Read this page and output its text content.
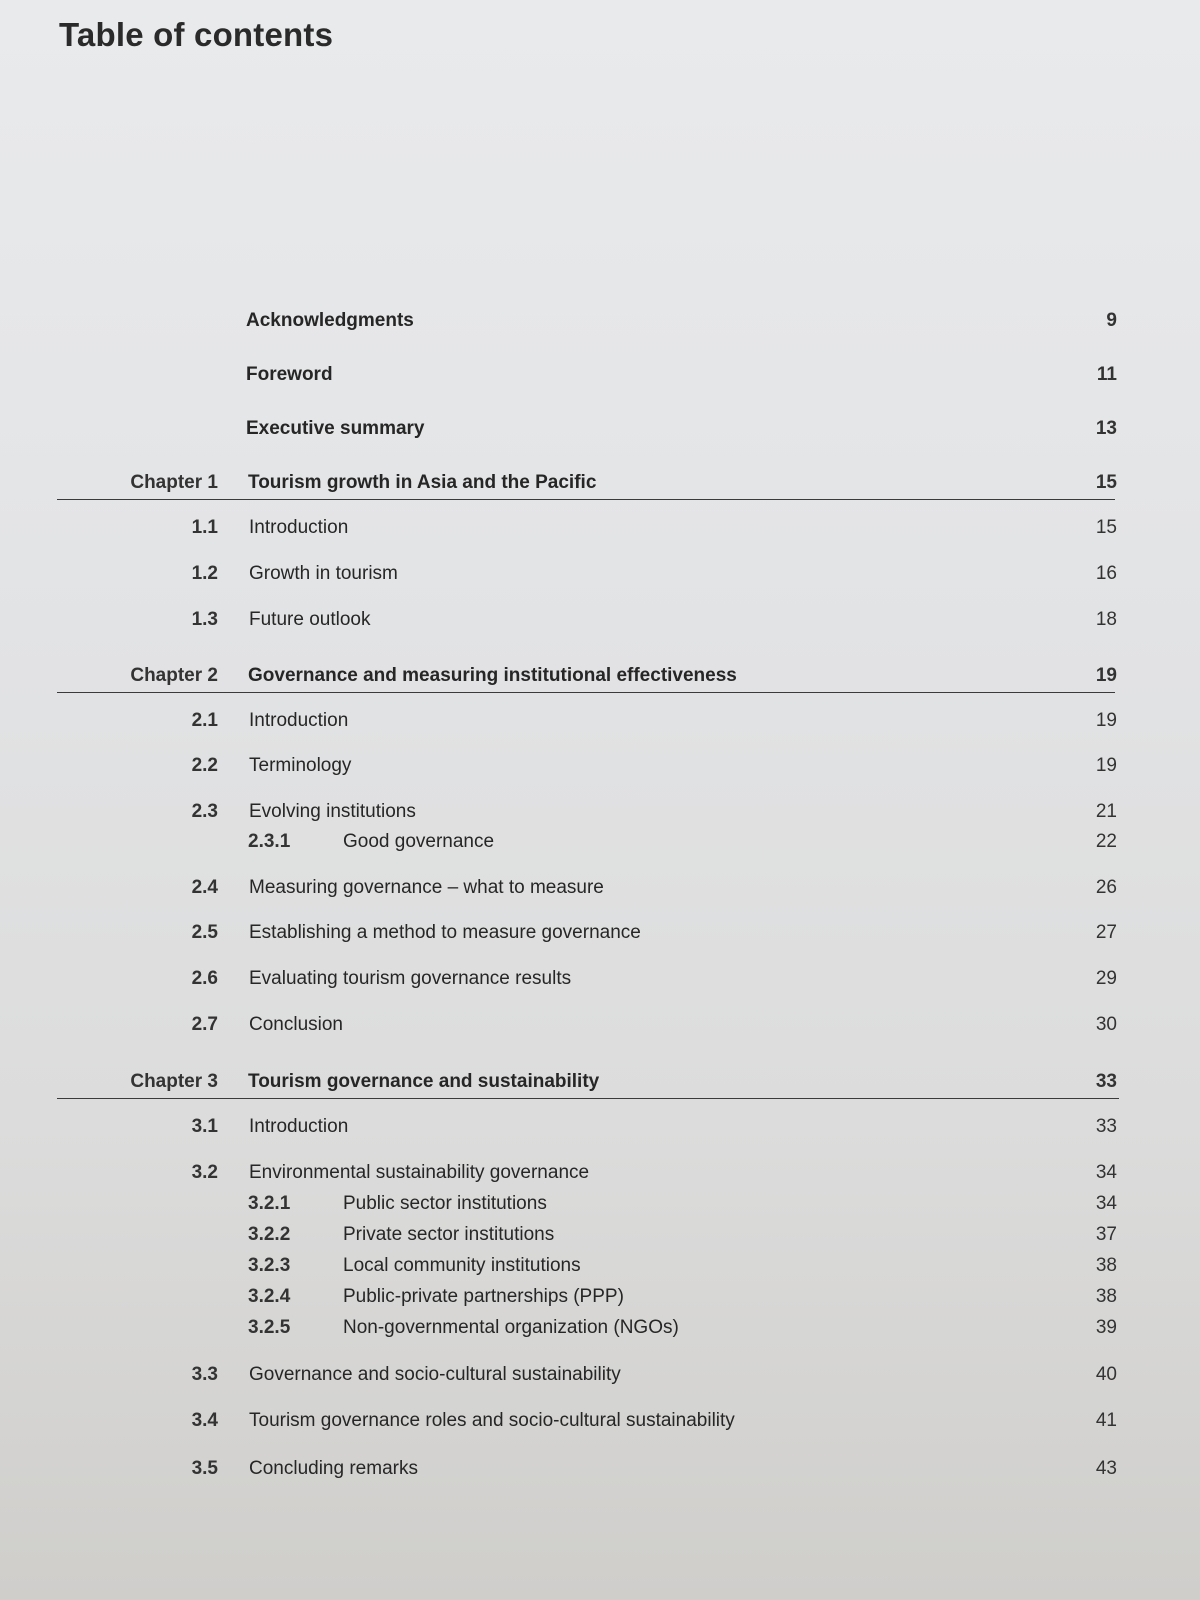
Table of contents
Acknowledgments	9
Foreword	11
Executive summary	13
Chapter 1 Tourism growth in Asia and the Pacific	15
1.1 Introduction	15
1.2 Growth in tourism	16
1.3 Future outlook	18
Chapter 2 Governance and measuring institutional effectiveness	19
2.1 Introduction	19
2.2 Terminology	19
2.3 Evolving institutions	21
2.3.1	Good governance	22
2.4 Measuring governance – what to measure	26
2.5 Establishing a method to measure governance	27
2.6 Evaluating tourism governance results	29
2.7 Conclusion	30
Chapter 3 Tourism governance and sustainability	33
3.1 Introduction	33
3.2 Environmental sustainability governance	34
3.2.1	Public sector institutions	34
3.2.2	Private sector institutions	37
3.2.3	Local community institutions	38
3.2.4	Public-private partnerships (PPP)	38
3.2.5	Non-governmental organization (NGOs)	39
3.3 Governance and socio-cultural sustainability	40
3.4 Tourism governance roles and socio-cultural sustainability	41
3.5 Concluding remarks	43
